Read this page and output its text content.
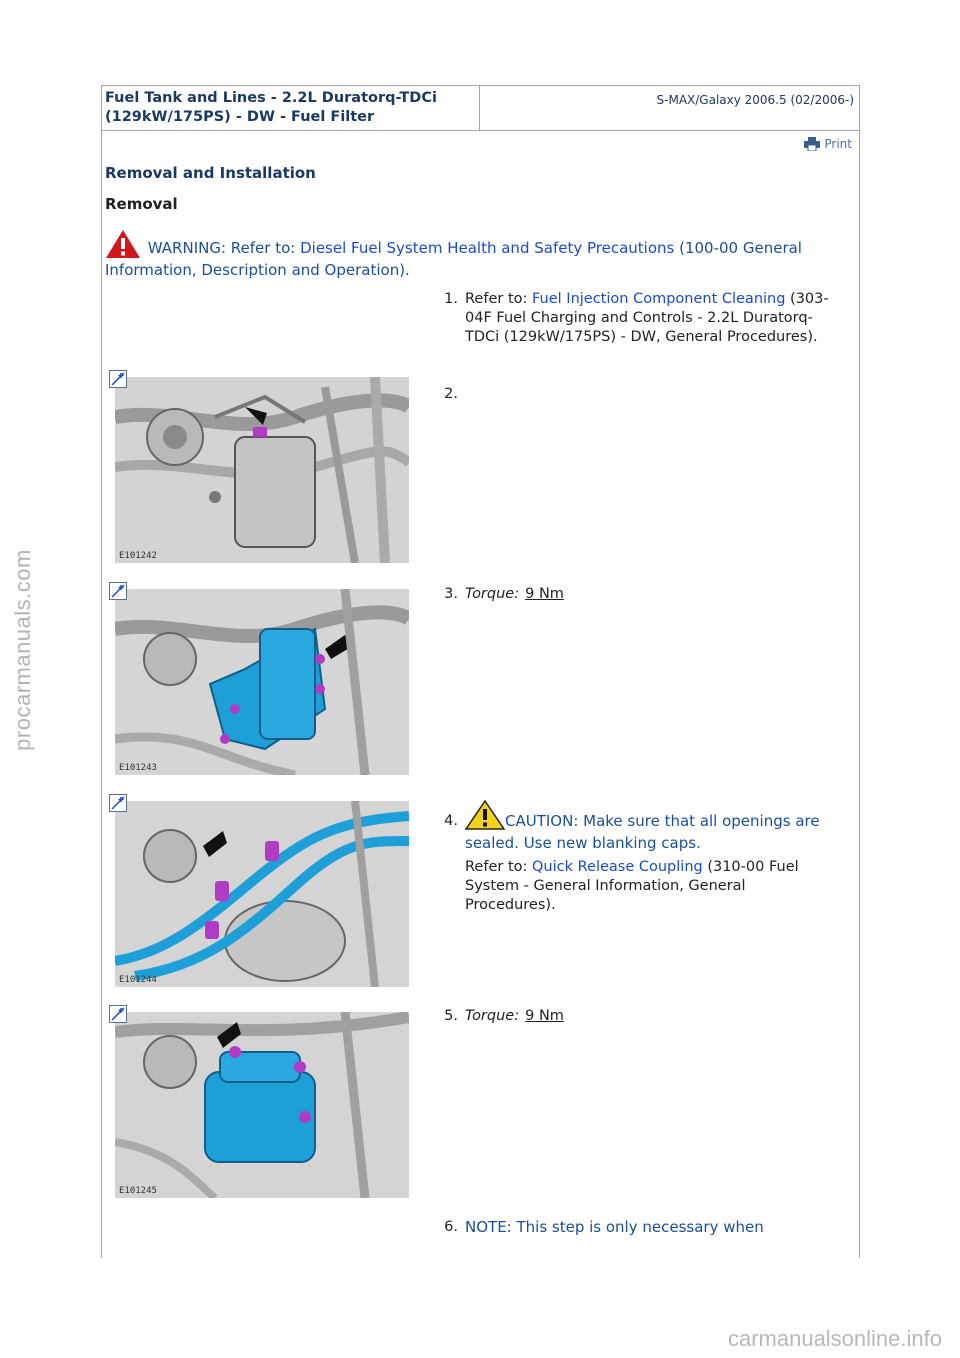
procarmanuals.com
Fuel Tank and Lines - 2.2L Duratorq-TDCi (129kW/175PS) - DW - Fuel Filter
S-MAX/Galaxy 2006.5 (02/2006-)
Print
Removal and Installation
Removal
WARNING: Refer to: Diesel Fuel System Health and Safety Precautions (100-00 General Information, Description and Operation).
1. Refer to: Fuel Injection Component Cleaning (303-04F Fuel Charging and Controls - 2.2L Duratorq-TDCi (129kW/175PS) - DW, General Procedures).
E101242
2.
E101243
3. Torque: 9 Nm
E101244
4.	CAUTION: Make sure that all openings are sealed. Use new blanking caps.
Refer to: Quick Release Coupling (310-00 Fuel System - General Information, General Procedures).
E101245
5. Torque: 9 Nm
6. NOTE: This step is only necessary when
carmanualsonline.info
